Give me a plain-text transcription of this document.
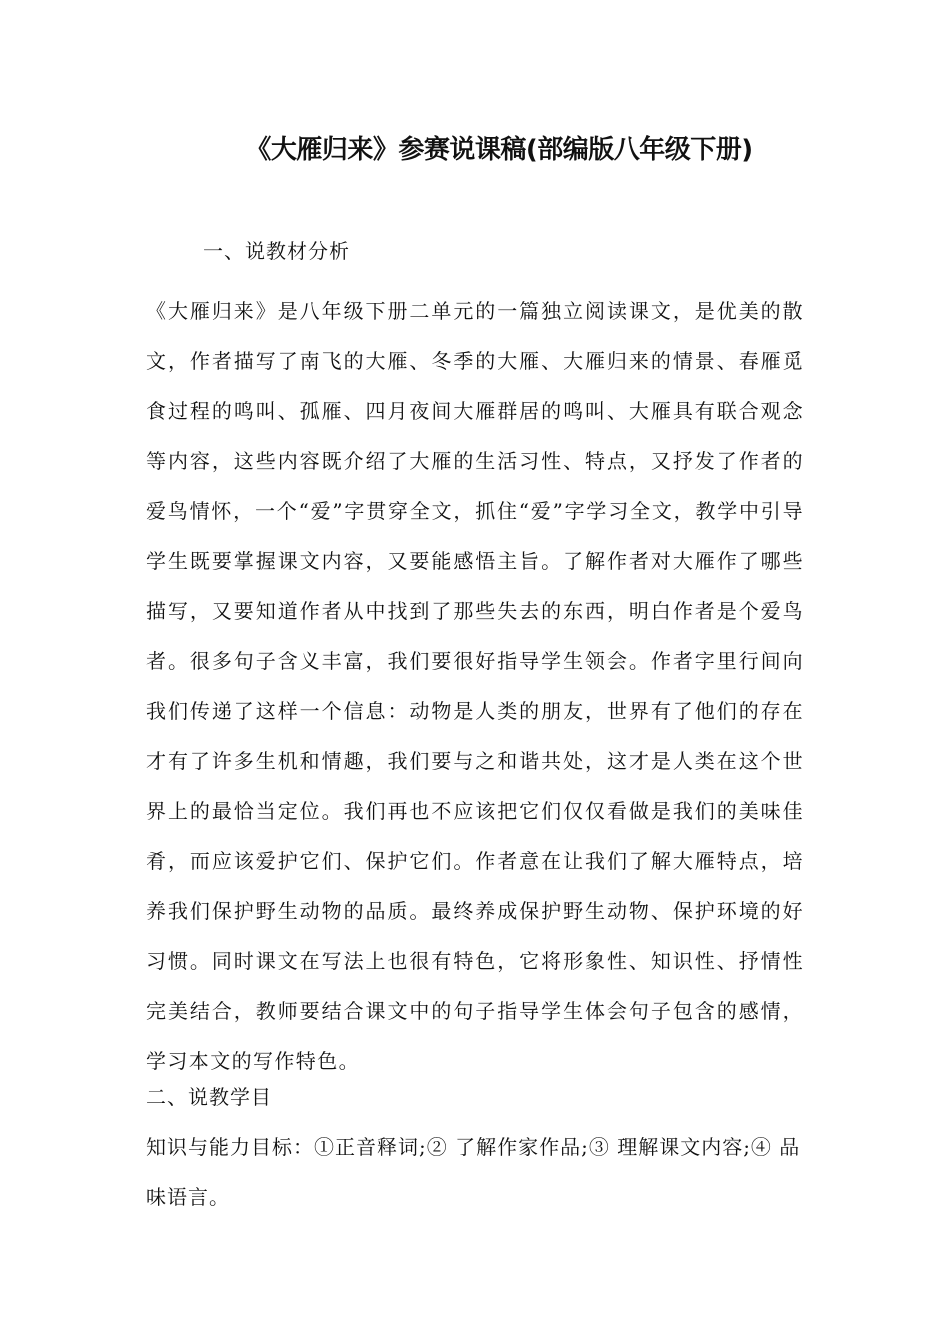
《大雁归来》参赛说课稿(部编版八年级下册)
一、说教材分析
《大雁归来》是八年级下册二单元的一篇独立阅读课文，是优美的散文，作者描写了南飞的大雁、冬季的大雁、大雁归来的情景、春雁觅食过程的鸣叫、孤雁、四月夜间大雁群居的鸣叫、大雁具有联合观念等内容，这些内容既介绍了大雁的生活习性、特点，又抒发了作者的爱鸟情怀，一个“爱”字贯穿全文，抓住“爱”字学习全文，教学中引导学生既要掌握课文内容，又要能感悟主旨。了解作者对大雁作了哪些描写，又要知道作者从中找到了那些失去的东西，明白作者是个爱鸟者。很多句子含义丰富，我们要很好指导学生领会。作者字里行间向我们传递了这样一个信息：动物是人类的朋友，世界有了他们的存在才有了许多生机和情趣，我们要与之和谐共处，这才是人类在这个世界上的最恰当定位。我们再也不应该把它们仅仅看做是我们的美味佳肴，而应该爱护它们、保护它们。作者意在让我们了解大雁特点，培养我们保护野生动物的品质。最终养成保护野生动物、保护环境的好习惯。同时课文在写法上也很有特色，它将形象性、知识性、抒情性完美结合，教师要结合课文中的句子指导学生体会句子包含的感情，学习本文的写作特色。
二、说教学目
知识与能力目标：①正音释词;② 了解作家作品;③ 理解课文内容;④ 品味语言。
